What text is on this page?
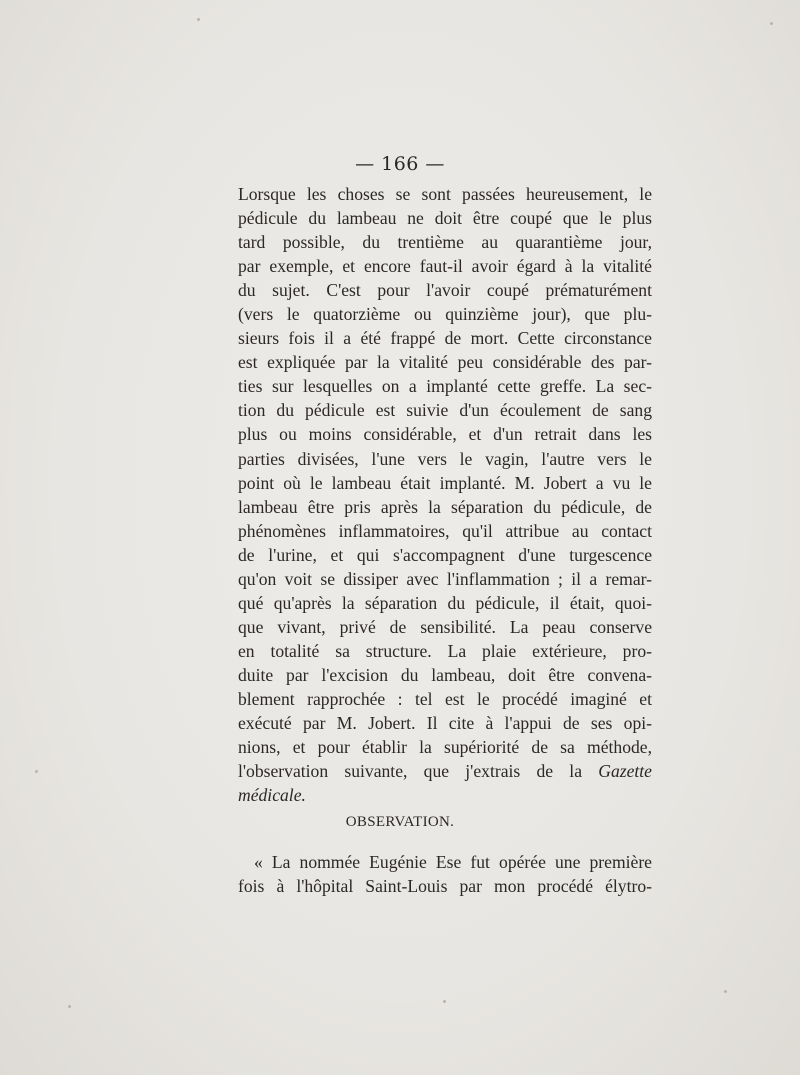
— 166 —
Lorsque les choses se sont passées heureusement, le
pédicule du lambeau ne doit être coupé que le plus
tard possible, du trentième au quarantième jour,
par exemple, et encore faut-il avoir égard à la vitalité
du sujet. C'est pour l'avoir coupé prématurément
(vers le quatorzième ou quinzième jour), que plu-
sieurs fois il a été frappé de mort. Cette circonstance
est expliquée par la vitalité peu considérable des par-
ties sur lesquelles on a implanté cette greffe. La sec-
tion du pédicule est suivie d'un écoulement de sang
plus ou moins considérable, et d'un retrait dans les
parties divisées, l'une vers le vagin, l'autre vers le
point où le lambeau était implanté. M. Jobert a vu le
lambeau être pris après la séparation du pédicule, de
phénomènes inflammatoires, qu'il attribue au contact
de l'urine, et qui s'accompagnent d'une turgescence
qu'on voit se dissiper avec l'inflammation ; il a remar-
qué qu'après la séparation du pédicule, il était, quoi-
que vivant, privé de sensibilité. La peau conserve
en totalité sa structure. La plaie extérieure, pro-
duite par l'excision du lambeau, doit être convena-
blement rapprochée : tel est le procédé imaginé et
exécuté par M. Jobert. Il cite à l'appui de ses opi-
nions, et pour établir la supériorité de sa méthode,
l'observation suivante, que j'extrais de la Gazette
médicale.
OBSERVATION.
« La nommée Eugénie Ese fut opérée une première
fois à l'hôpital Saint-Louis par mon procédé élytro-
